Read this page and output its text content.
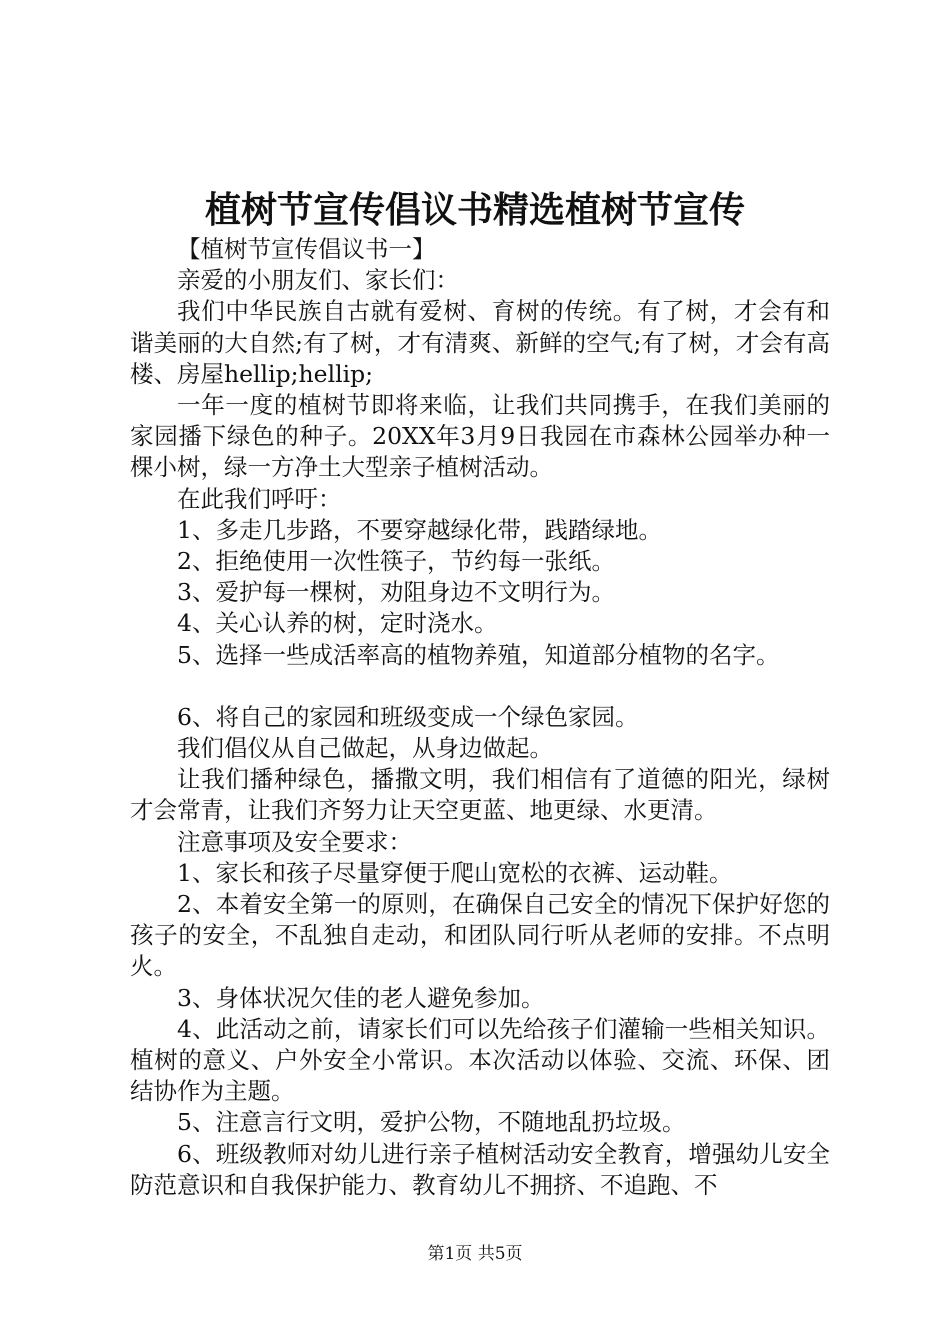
植树节宣传倡议书精选植树节宣传

【植树节宣传倡议书一】

亲爱的小朋友们、家长们：

我们中华民族自古就有爱树、育树的传统。有了树，才会有和谐美丽的大自然;有了树，才有清爽、新鲜的空气;有了树，才会有高楼、房屋hellip;hellip;

一年一度的植树节即将来临，让我们共同携手，在我们美丽的家园播下绿色的种子。20XX年3月9日我园在市森林公园举办种一棵小树，绿一方净土大型亲子植树活动。

在此我们呼吁：

1、多走几步路，不要穿越绿化带，践踏绿地。

2、拒绝使用一次性筷子，节约每一张纸。

3、爱护每一棵树，劝阻身边不文明行为。

4、关心认养的树，定时浇水。

5、选择一些成活率高的植物养殖，知道部分植物的名字。

6、将自己的家园和班级变成一个绿色家园。

我们倡仪从自己做起，从身边做起。

让我们播种绿色，播撒文明，我们相信有了道德的阳光，绿树才会常青，让我们齐努力让天空更蓝、地更绿、水更清。

注意事项及安全要求：

1、家长和孩子尽量穿便于爬山宽松的衣裤、运动鞋。

2、本着安全第一的原则，在确保自己安全的情况下保护好您的孩子的安全，不乱独自走动，和团队同行听从老师的安排。不点明火。

3、身体状况欠佳的老人避免参加。

4、此活动之前，请家长们可以先给孩子们灌输一些相关知识。植树的意义、户外安全小常识。本次活动以体验、交流、环保、团结协作为主题。

5、注意言行文明，爱护公物，不随地乱扔垃圾。

6、班级教师对幼儿进行亲子植树活动安全教育，增强幼儿安全防范意识和自我保护能力、教育幼儿不拥挤、不追跑、不

第1页 共5页
